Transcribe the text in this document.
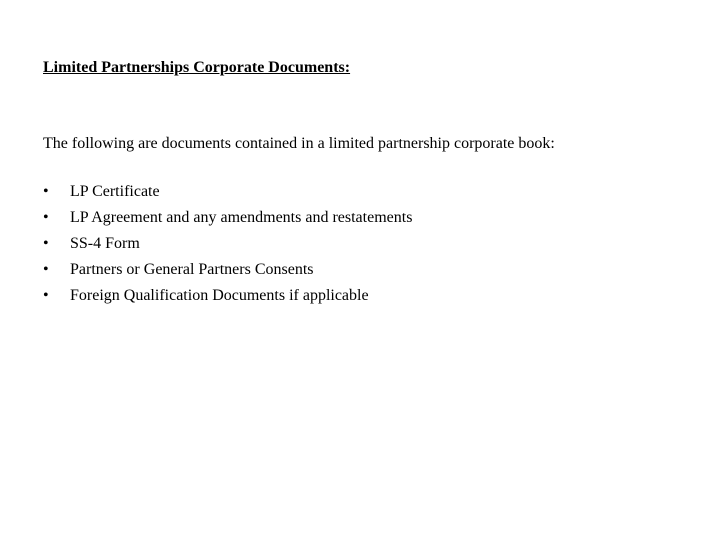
Limited Partnerships Corporate Documents:
The following are documents contained in a limited partnership corporate book:
•	LP Certificate
•	LP Agreement and any amendments and restatements
•	SS-4 Form
•	Partners or General Partners Consents
•	Foreign Qualification Documents if applicable
